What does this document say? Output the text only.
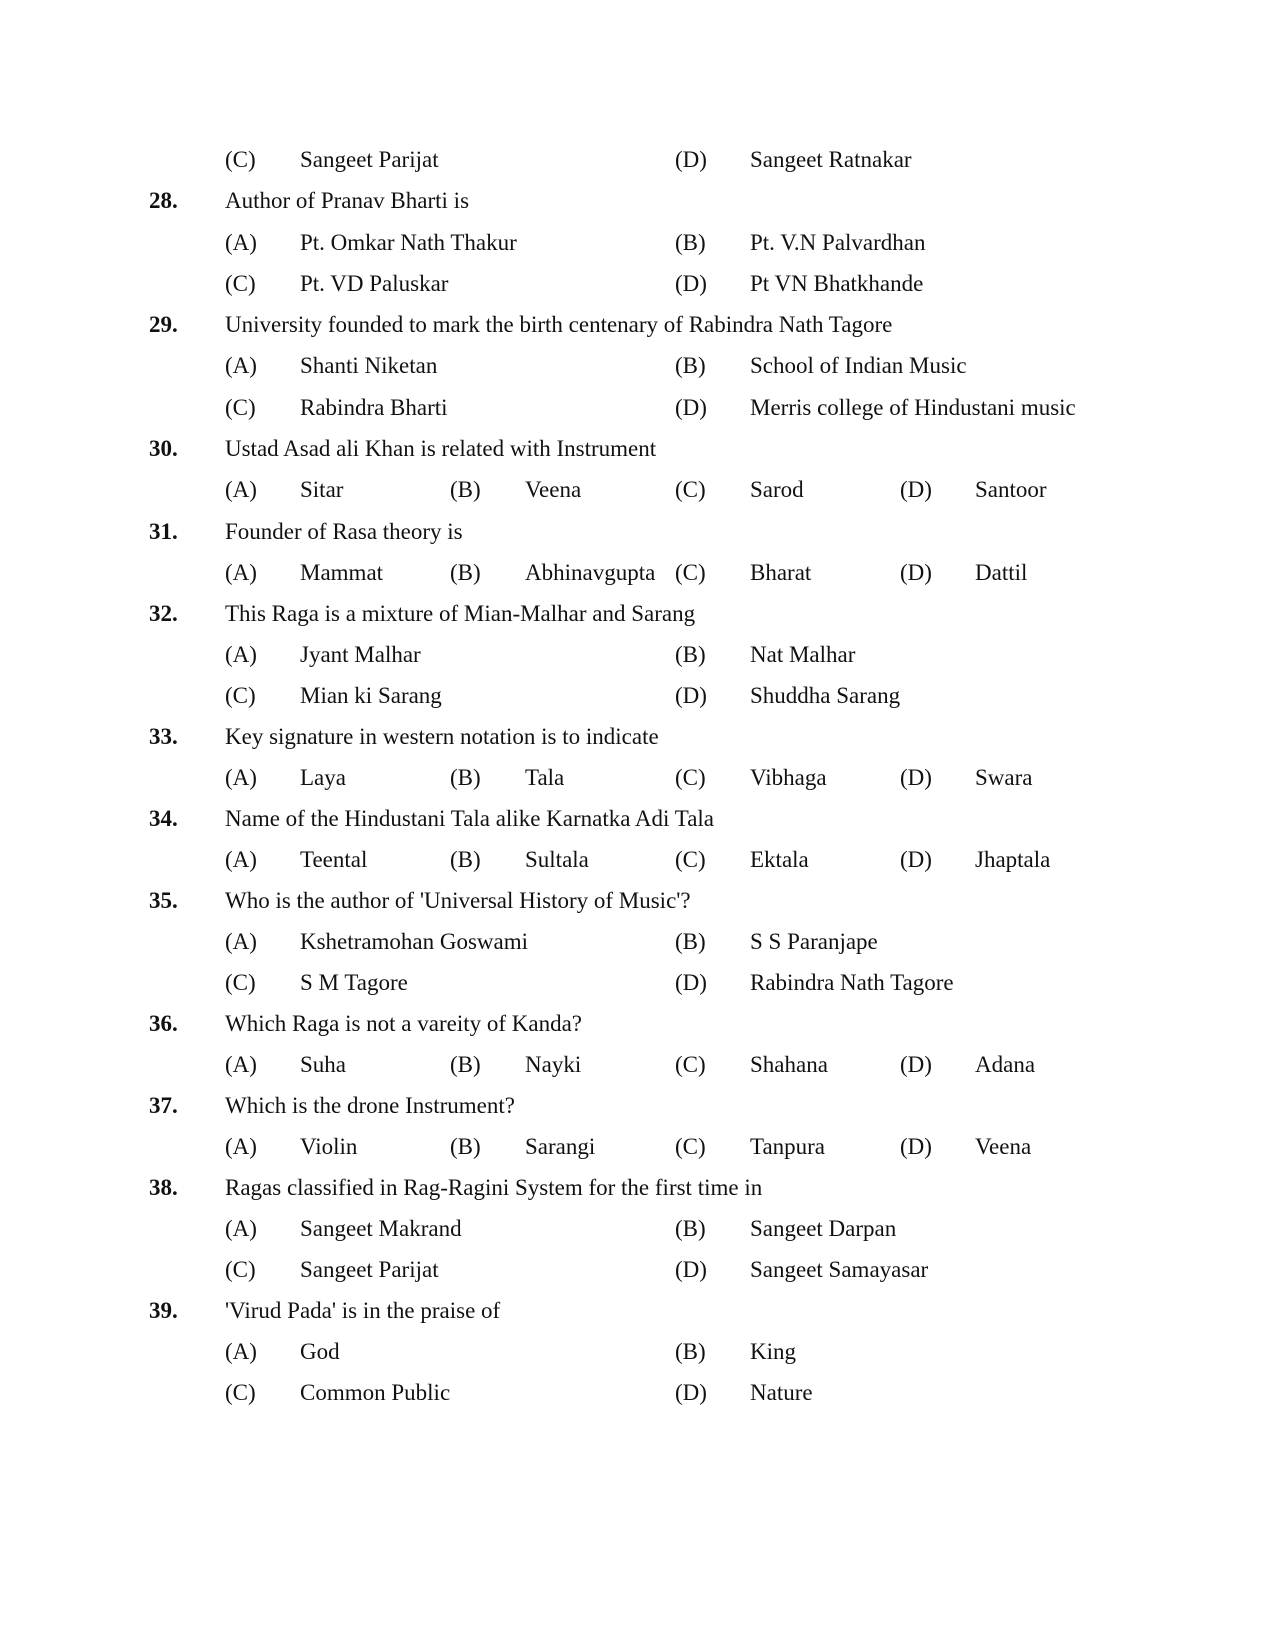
(C) Sangeet Parijat	(D) Sangeet Ratnakar
28. Author of Pranav Bharti is
(A) Pt. Omkar Nath Thakur	(B) Pt. V.N Palvardhan
(C) Pt. VD Paluskar	(D) Pt VN Bhatkhande
29. University founded to mark the birth centenary of Rabindra Nath Tagore
(A) Shanti Niketan	(B) School of Indian Music
(C) Rabindra Bharti	(D) Merris college of Hindustani music
30. Ustad Asad ali Khan is related with Instrument
(A) Sitar	(B) Veena	(C) Sarod	(D) Santoor
31. Founder of Rasa theory is
(A) Mammat	(B) Abhinavgupta (C) Bharat	(D) Dattil
32. This Raga is a mixture of Mian-Malhar and Sarang
(A) Jyant Malhar	(B) Nat Malhar
(C) Mian ki Sarang	(D) Shuddha Sarang
33. Key signature in western notation is to indicate
(A) Laya	(B) Tala	(C) Vibhaga	(D) Swara
34. Name of the Hindustani Tala alike Karnatka Adi Tala
(A) Teental	(B) Sultala	(C) Ektala	(D) Jhaptala
35. Who is the author of 'Universal History of Music'?
(A) Kshetramohan Goswami	(B) S S Paranjape
(C) S M Tagore	(D) Rabindra Nath Tagore
36. Which Raga is not a vareity of Kanda?
(A) Suha	(B) Nayki	(C) Shahana	(D) Adana
37. Which is the drone Instrument?
(A) Violin	(B) Sarangi	(C) Tanpura	(D) Veena
38. Ragas classified in Rag-Ragini System for the first time in
(A) Sangeet Makrand	(B) Sangeet Darpan
(C) Sangeet Parijat	(D) Sangeet Samayasar
39. 'Virud Pada' is in the praise of
(A) God	(B) King
(C) Common Public	(D) Nature
